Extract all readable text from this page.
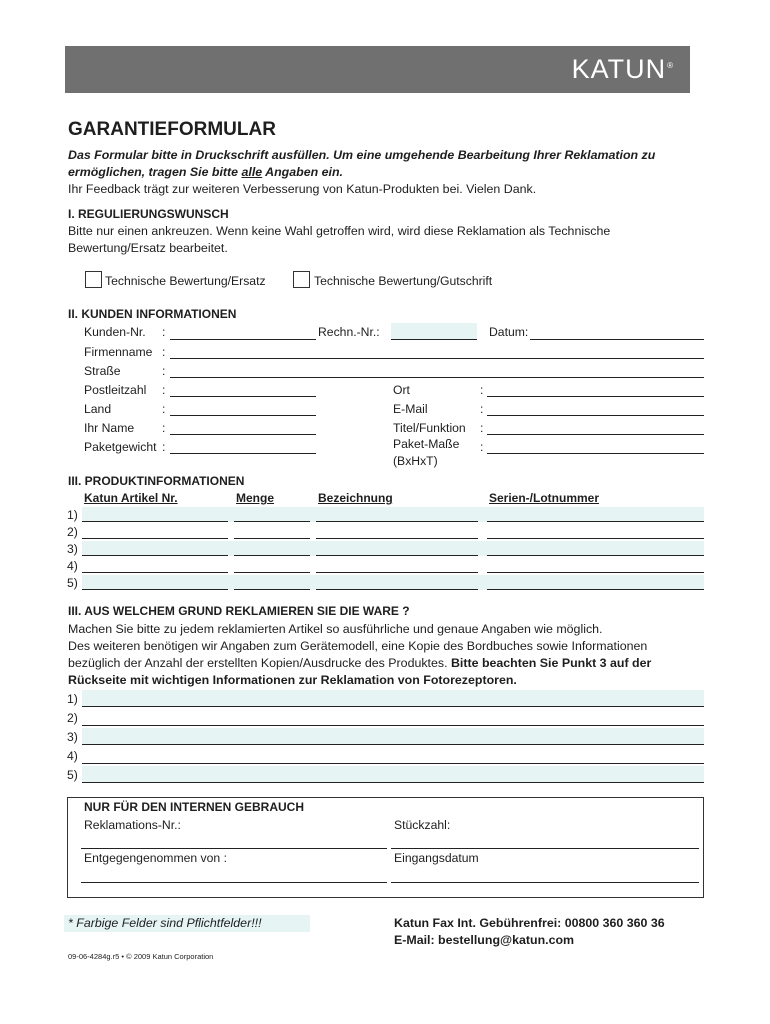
KATUN®
GARANTIEFORMULAR
Das Formular bitte in Druckschrift ausfüllen. Um eine umgehende Bearbeitung Ihrer Reklamation zu
ermöglichen, tragen Sie bitte alle Angaben ein.
Ihr Feedback trägt zur weiteren Verbesserung von Katun-Produkten bei. Vielen Dank.
I. REGULIERUNGSWUNSCH
Bitte nur einen ankreuzen. Wenn keine Wahl getroffen wird, wird diese Reklamation als Technische
Bewertung/Ersatz bearbeitet.
Technische Bewertung/Ersatz	Technische Bewertung/Gutschrift
II. KUNDEN INFORMATIONEN
Kunden-Nr. :	Rechn.-Nr.:	Datum:
Firmenname :
Straße	:
Postleitzahl :	Ort	:
Land	:	E-Mail	:
Ihr Name :	Titel/Funktion :
Paketgewicht :	Paket-Maße
(BxHxT)
:
III. PRODUKTINFORMATIONEN
Katun Artikel Nr.	Menge	Bezeichnung	Serien-/Lotnummer
1)
2)
3)
4)
5)
III. AUS WELCHEM GRUND REKLAMIEREN SIE DIE WARE ?
Machen Sie bitte zu jedem reklamierten Artikel so ausführliche und genaue Angaben wie möglich.
Des weiteren benötigen wir Angaben zum Gerätemodell, eine Kopie des Bordbuches sowie Informationen
bezüglich der Anzahl der erstellten Kopien/Ausdrucke des Produktes. Bitte beachten Sie Punkt 3 auf der
Rückseite mit wichtigen Informationen zur Reklamation von Fotorezeptoren.
1)
2)
3)
4)
5)
NUR FÜR DEN INTERNEN GEBRAUCH
Reklamations-Nr.:	Stückzahl:
Entgegengenommen von :	Eingangsdatum
* Farbige Felder sind Pflichtfelder!!!	Katun Fax Int. Gebührenfrei: 00800 360 360 36
E-Mail: bestellung@katun.com
09-06-4284g.r5 • © 2009 Katun Corporation
